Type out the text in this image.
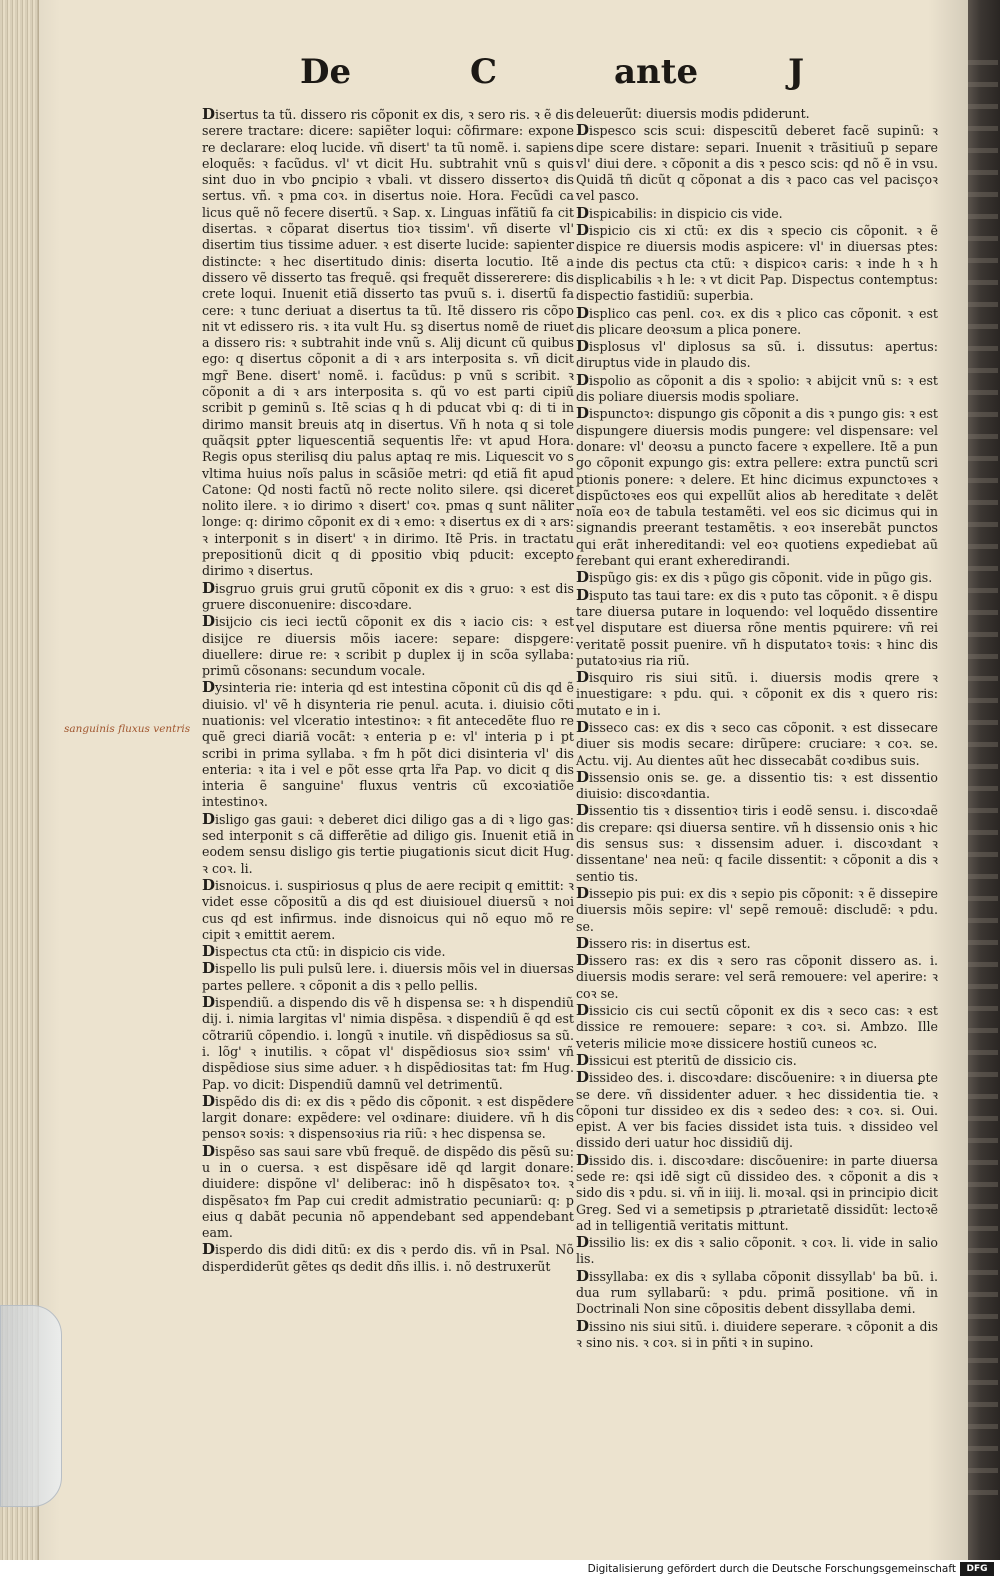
De	C	ante	J
sanguinis fluxus ventris

Disertus ta tũ. dissero ris cõponit ex dis, ꝛ sero ris. ꝛ ẽ dis serere tractare: dicere: sapiẽter loqui: cõfirmare: expone re declarare: eloq lucide. vñ disert' ta tũ nomẽ. i. sapiens eloquẽs: ꝛ facũdus. vl' vt dicit Hu. subtrahit vnũ s quis sint duo in vbo ꝑncipio ꝛ vbali. vt dissero dissertoꝛ dis sertus. vñ. ꝛ pma coꝛ. in disertus noie. Hora. Fecũdi ca licus quẽ nõ fecere disertũ. ꝛ Sap. x. Linguas infãtiũ fa cit disertas. ꝛ cõparat disertus tioꝛ tissim'. vñ diserte vl' disertim tius tissime aduer. ꝛ est diserte lucide: sapienter distincte: ꝛ hec disertitudo dinis: diserta locutio. Itẽ a dissero vẽ disserto tas frequẽ. qsi frequẽt dissererere: dis crete loqui. Inuenit etiã disserto tas pvuũ s. i. disertũ fa cere: ꝛ tunc deriuat a disertus ta tũ. Itẽ dissero ris cõpo nit vt edissero ris. ꝛ ita vult Hu. sꝫ disertus nomẽ de riuet a dissero ris: ꝛ subtrahit inde vnũ s. Alij dicunt cũ quibus ego: q disertus cõponit a di ꝛ ars interposita s. vñ dicit mgr̃ Bene. disert' nomẽ. i. facũdus: p vnũ s scribit. ꝛ cõponit a di ꝛ ars interposita s. qũ vo est parti cipiũ scribit p geminũ s. Itẽ scias q h di pducat vbi q: di ti in dirimo mansit breuis atq in disertus. Vñ h nota q si tole quãqsit ꝑpter liquescentiã sequentis lr̃e: vt apud Hora. Regis opus sterilisq diu palus aptaq re mis. Liquescit vo s vltima huius noĩs palus in scãsiõe metri: qd etiã fit apud Catone: Qd nosti factũ nõ recte nolito silere. qsi diceret nolito ilere. ꝛ io dirimo ꝛ disert' coꝛ. pmas q sunt nãliter longe: q: dirimo cõponit ex di ꝛ emo: ꝛ disertus ex di ꝛ ars: ꝛ interponit s in disert' ꝛ in dirimo. Itẽ Pris. in tractatu prepositionũ dicit q di ꝑpositio vbiq pducit: excepto dirimo ꝛ disertus.

Disgruo gruis grui grutũ cõponit ex dis ꝛ gruo: ꝛ est dis gruere disconuenire: discoꝛdare.

Disijcio cis ieci iectũ cõponit ex dis ꝛ iacio cis: ꝛ est disijce re diuersis mõis iacere: separe: dispgere: diuellere: dirue re: ꝛ scribit p duplex ij in scõa syllaba: primũ cõsonans: secundum vocale.

Dysinteria rie: interia qd est intestina cõponit cũ dis qd ẽ diuisio. vl' vẽ h disynteria rie penul. acuta. i. diuisio cõti nuationis: vel vlceratio intestinoꝛ: ꝛ fit antecedẽte fluo re quẽ greci diariã vocãt: ꝛ enteria p e: vl' interia p i pt scribi in prima syllaba. ꝛ fm h põt dici disinteria vl' dis enteria: ꝛ ita i vel e põt esse qrta lr̃a Pap. vo dicit q dis interia ẽ sanguine' fluxus ventris cũ excoꝛiatiõe intestinoꝛ.

Disligo gas gaui: ꝛ deberet dici diligo gas a di ꝛ ligo gas: sed interponit s cã differẽtie ad diligo gis. Inuenit etiã in eodem sensu disligo gis tertie piugationis sicut dicit Hug. ꝛ coꝛ. li.

Disnoicus. i. suspiriosus q plus de aere recipit q emittit: ꝛ videt esse cõpositũ a dis qd est diuisiouel diuersũ ꝛ noi cus qd est infirmus. inde disnoicus qui nõ equo mõ re cipit ꝛ emittit aerem.

Dispectus cta ctũ: in dispicio cis vide.

Dispello lis puli pulsũ lere. i. diuersis mõis vel in diuersas partes pellere. ꝛ cõponit a dis ꝛ pello pellis.

Dispendiũ. a dispendo dis vẽ h dispensa se: ꝛ h dispendiũ dij. i. nimia largitas vl' nimia dispẽsa. ꝛ dispendiũ ẽ qd est cõtrariũ cõpendio. i. longũ ꝛ inutile. vñ dispẽdiosus sa sũ. i. lõg' ꝛ inutilis. ꝛ cõpat vl' dispẽdiosus sioꝛ ssim' vñ dispẽdiose sius sime aduer. ꝛ h dispẽdiositas tat: fm Hug. Pap. vo dicit: Dispendiũ damnũ vel detrimentũ.

Dispẽdo dis di: ex dis ꝛ pẽdo dis cõponit. ꝛ est dispẽdere largit donare: expẽdere: vel oꝛdinare: diuidere. vñ h dis pensoꝛ soꝛis: ꝛ dispensoꝛius ria riũ: ꝛ hec dispensa se.

Dispẽso sas saui sare vbũ frequẽ. de dispẽdo dis pẽsũ su: u in o cuersa. ꝛ est dispẽsare idẽ qd largit donare: diuidere: dispõne vl' deliberac: inõ h dispẽsatoꝛ toꝛ. ꝛ dispẽsatoꝛ fm Pap cui credit admistratio pecuniarũ: q: p eius q dabãt pecunia nõ appendebant sed appendebant eam.

Disperdo dis didi ditũ: ex dis ꝛ perdo dis. vñ in Psal. Nõ disperdiderũt gẽtes qs dedit dñs illis. i. nõ destruxerũt

deleuerũt: diuersis modis pdiderunt.

Dispesco scis scui: dispescitũ deberet facẽ supinũ: ꝛ dipe scere distare: separi. Inuenit ꝛ trãsitiuũ p separe vl' diui dere. ꝛ cõponit a dis ꝛ pesco scis: qd nõ ẽ in vsu. Quidã tñ dicũt q cõponat a dis ꝛ paco cas vel pacisçoꝛ vel pasco.

Dispicabilis: in dispicio cis vide.

Dispicio cis xi ctũ: ex dis ꝛ specio cis cõponit. ꝛ ẽ dispice re diuersis modis aspicere: vl' in diuersas ptes: inde dis pectus cta ctũ: ꝛ dispicoꝛ caris: ꝛ inde h ꝛ h displicabilis ꝛ h le: ꝛ vt dicit Pap. Dispectus contemptus: dispectio fastidiũ: superbia.

Displico cas penl. coꝛ. ex dis ꝛ plico cas cõponit. ꝛ est dis plicare deoꝛsum a plica ponere.

Displosus vl' diplosus sa sũ. i. dissutus: apertus: diruptus vide in plaudo dis.

Dispolio as cõponit a dis ꝛ spolio: ꝛ abijcit vnũ s: ꝛ est dis poliare diuersis modis spoliare.

Dispunctoꝛ: dispungo gis cõponit a dis ꝛ pungo gis: ꝛ est dispungere diuersis modis pungere: vel dispensare: vel donare: vl' deoꝛsu a puncto facere ꝛ expellere. Itẽ a pun go cõponit expungo gis: extra pellere: extra punctũ scri ptionis ponere: ꝛ delere. Et hinc dicimus expunctoꝛes ꝛ dispũctoꝛes eos qui expellũt alios ab hereditate ꝛ delẽt noĩa eoꝛ de tabula testamẽti. vel eos sic dicimus qui in signandis preerant testamẽtis. ꝛ eoꝛ inserebãt punctos qui erãt inhereditandi: vel eoꝛ quotiens expediebat aũ ferebant qui erant exheredirandi.

Dispũgo gis: ex dis ꝛ pũgo gis cõponit. vide in pũgo gis.

Disputo tas taui tare: ex dis ꝛ puto tas cõponit. ꝛ ẽ dispu tare diuersa putare in loquendo: vel loquẽdo dissentire vel disputare est diuersa rõne mentis pquirere: vñ rei veritatẽ possit puenire. vñ h disputatoꝛ toꝛis: ꝛ hinc dis putatoꝛius ria riũ.

Disquiro ris siui sitũ. i. diuersis modis qrere ꝛ inuestigare: ꝛ pdu. qui. ꝛ cõponit ex dis ꝛ quero ris: mutato e in i.

Disseco cas: ex dis ꝛ seco cas cõponit. ꝛ est dissecare diuer sis modis secare: dirũpere: cruciare: ꝛ coꝛ. se. Actu. vij. Au dientes aũt hec dissecabãt coꝛdibus suis.

Dissensio onis se. ge. a dissentio tis: ꝛ est dissentio diuisio: discoꝛdantia.

Dissentio tis ꝛ dissentioꝛ tiris i eodẽ sensu. i. discoꝛdaẽ dis crepare: qsi diuersa sentire. vñ h dissensio onis ꝛ hic dis sensus sus: ꝛ dissensim aduer. i. discoꝛdant ꝛ dissentane' nea neũ: q facile dissentit: ꝛ cõponit a dis ꝛ sentio tis.

Dissepio pis pui: ex dis ꝛ sepio pis cõponit: ꝛ ẽ dissepire diuersis mõis sepire: vl' sepẽ remouẽ: discludẽ: ꝛ pdu. se.

Dissero ris: in disertus est.

Dissero ras: ex dis ꝛ sero ras cõponit dissero as. i. diuersis modis serare: vel serã remouere: vel aperire: ꝛ coꝛ se.

Dissicio cis cui sectũ cõponit ex dis ꝛ seco cas: ꝛ est dissice re remouere: separe: ꝛ coꝛ. si. Ambzo. Ille veteris milicie moꝛe dissicere hostiũ cuneos ꝛc.

Dissicui est pteritũ de dissicio cis.

Dissideo des. i. discoꝛdare: discõuenire: ꝛ in diuersa ꝑte se dere. vñ dissidenter aduer. ꝛ hec dissidentia tie. ꝛ cõponi tur dissideo ex dis ꝛ sedeo des: ꝛ coꝛ. si. Oui. epist. A ver bis facies dissidet ista tuis. ꝛ dissideo vel dissido deri uatur hoc dissidiũ dij.

Dissido dis. i. discoꝛdare: discõuenire: in parte diuersa sede re: qsi idẽ sigt cũ dissideo des. ꝛ cõponit a dis ꝛ sido dis ꝛ pdu. si. vñ in iiij. li. moꝛal. qsi in principio dicit Greg. Sed vi a semetipsis p ꝓtrarietatẽ dissidũt: lectoꝛẽ ad in telligentiã veritatis mittunt.

Dissilio lis: ex dis ꝛ salio cõponit. ꝛ coꝛ. li. vide in salio lis.

Dissyllaba: ex dis ꝛ syllaba cõponit dissyllab' ba bũ. i. dua rum syllabarũ: ꝛ pdu. primã positione. vñ in Doctrinali Non sine cõpositis debent dissyllaba demi.

Dissino nis siui sitũ. i. diuidere seperare. ꝛ cõponit a dis ꝛ sino nis. ꝛ coꝛ. si in pñti ꝛ in supino.

Digitalisierung gefördert durch die Deutsche Forschungsgemeinschaft	DFG
